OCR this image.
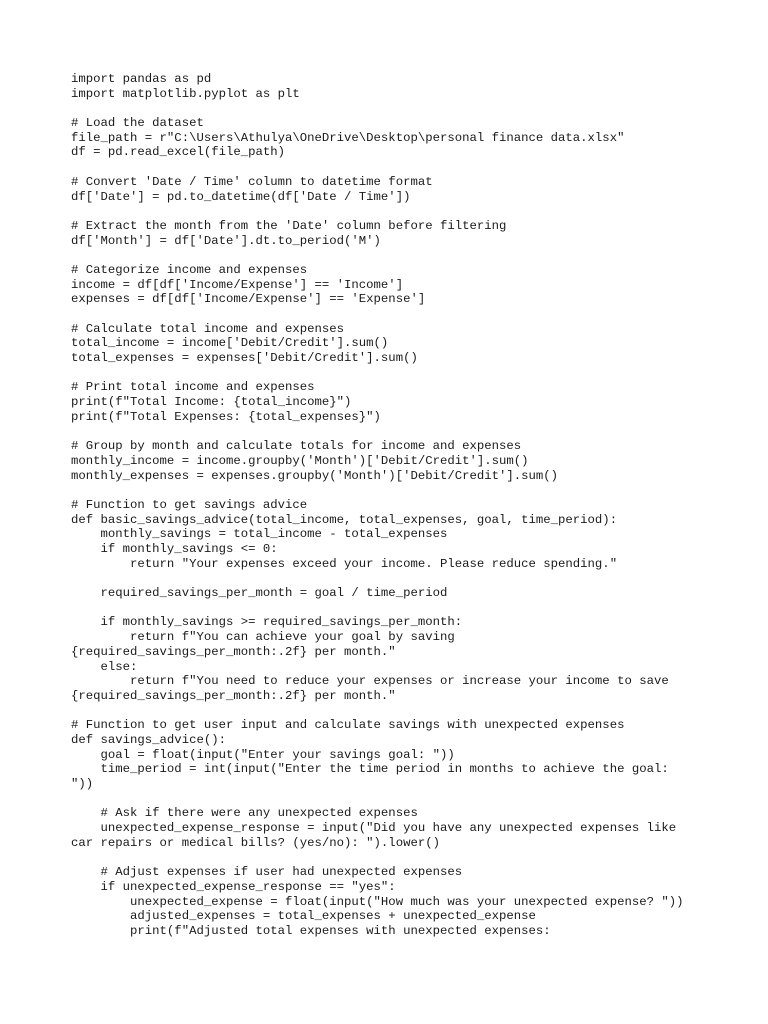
import pandas as pd
import matplotlib.pyplot as plt
# Load the dataset
file_path = r"C:\Users\Athulya\OneDrive\Desktop\personal finance data.xlsx"
df = pd.read_excel(file_path)
# Convert 'Date / Time' column to datetime format
df['Date'] = pd.to_datetime(df['Date / Time'])
# Extract the month from the 'Date' column before filtering
df['Month'] = df['Date'].dt.to_period('M')
# Categorize income and expenses
income = df[df['Income/Expense'] == 'Income']
expenses = df[df['Income/Expense'] == 'Expense']
# Calculate total income and expenses
total_income = income['Debit/Credit'].sum()
total_expenses = expenses['Debit/Credit'].sum()
# Print total income and expenses
print(f"Total Income: {total_income}")
print(f"Total Expenses: {total_expenses}")
# Group by month and calculate totals for income and expenses
monthly_income = income.groupby('Month')['Debit/Credit'].sum()
monthly_expenses = expenses.groupby('Month')['Debit/Credit'].sum()
# Function to get savings advice
def basic_savings_advice(total_income, total_expenses, goal, time_period):
monthly_savings = total_income - total_expenses
if monthly_savings <= 0:
return "Your expenses exceed your income. Please reduce spending."
required_savings_per_month = goal / time_period
if monthly_savings >= required_savings_per_month:
return f"You can achieve your goal by saving
{required_savings_per_month:.2f} per month."
else:
return f"You need to reduce your expenses or increase your income to save
{required_savings_per_month:.2f} per month."
# Function to get user input and calculate savings with unexpected expenses
def savings_advice():
goal = float(input("Enter your savings goal: "))
time_period = int(input("Enter the time period in months to achieve the goal:
"))
# Ask if there were any unexpected expenses
unexpected_expense_response = input("Did you have any unexpected expenses like
car repairs or medical bills? (yes/no): ").lower()
# Adjust expenses if user had unexpected expenses
if unexpected_expense_response == "yes":
unexpected_expense = float(input("How much was your unexpected expense? "))
adjusted_expenses = total_expenses + unexpected_expense
print(f"Adjusted total expenses with unexpected expenses:
